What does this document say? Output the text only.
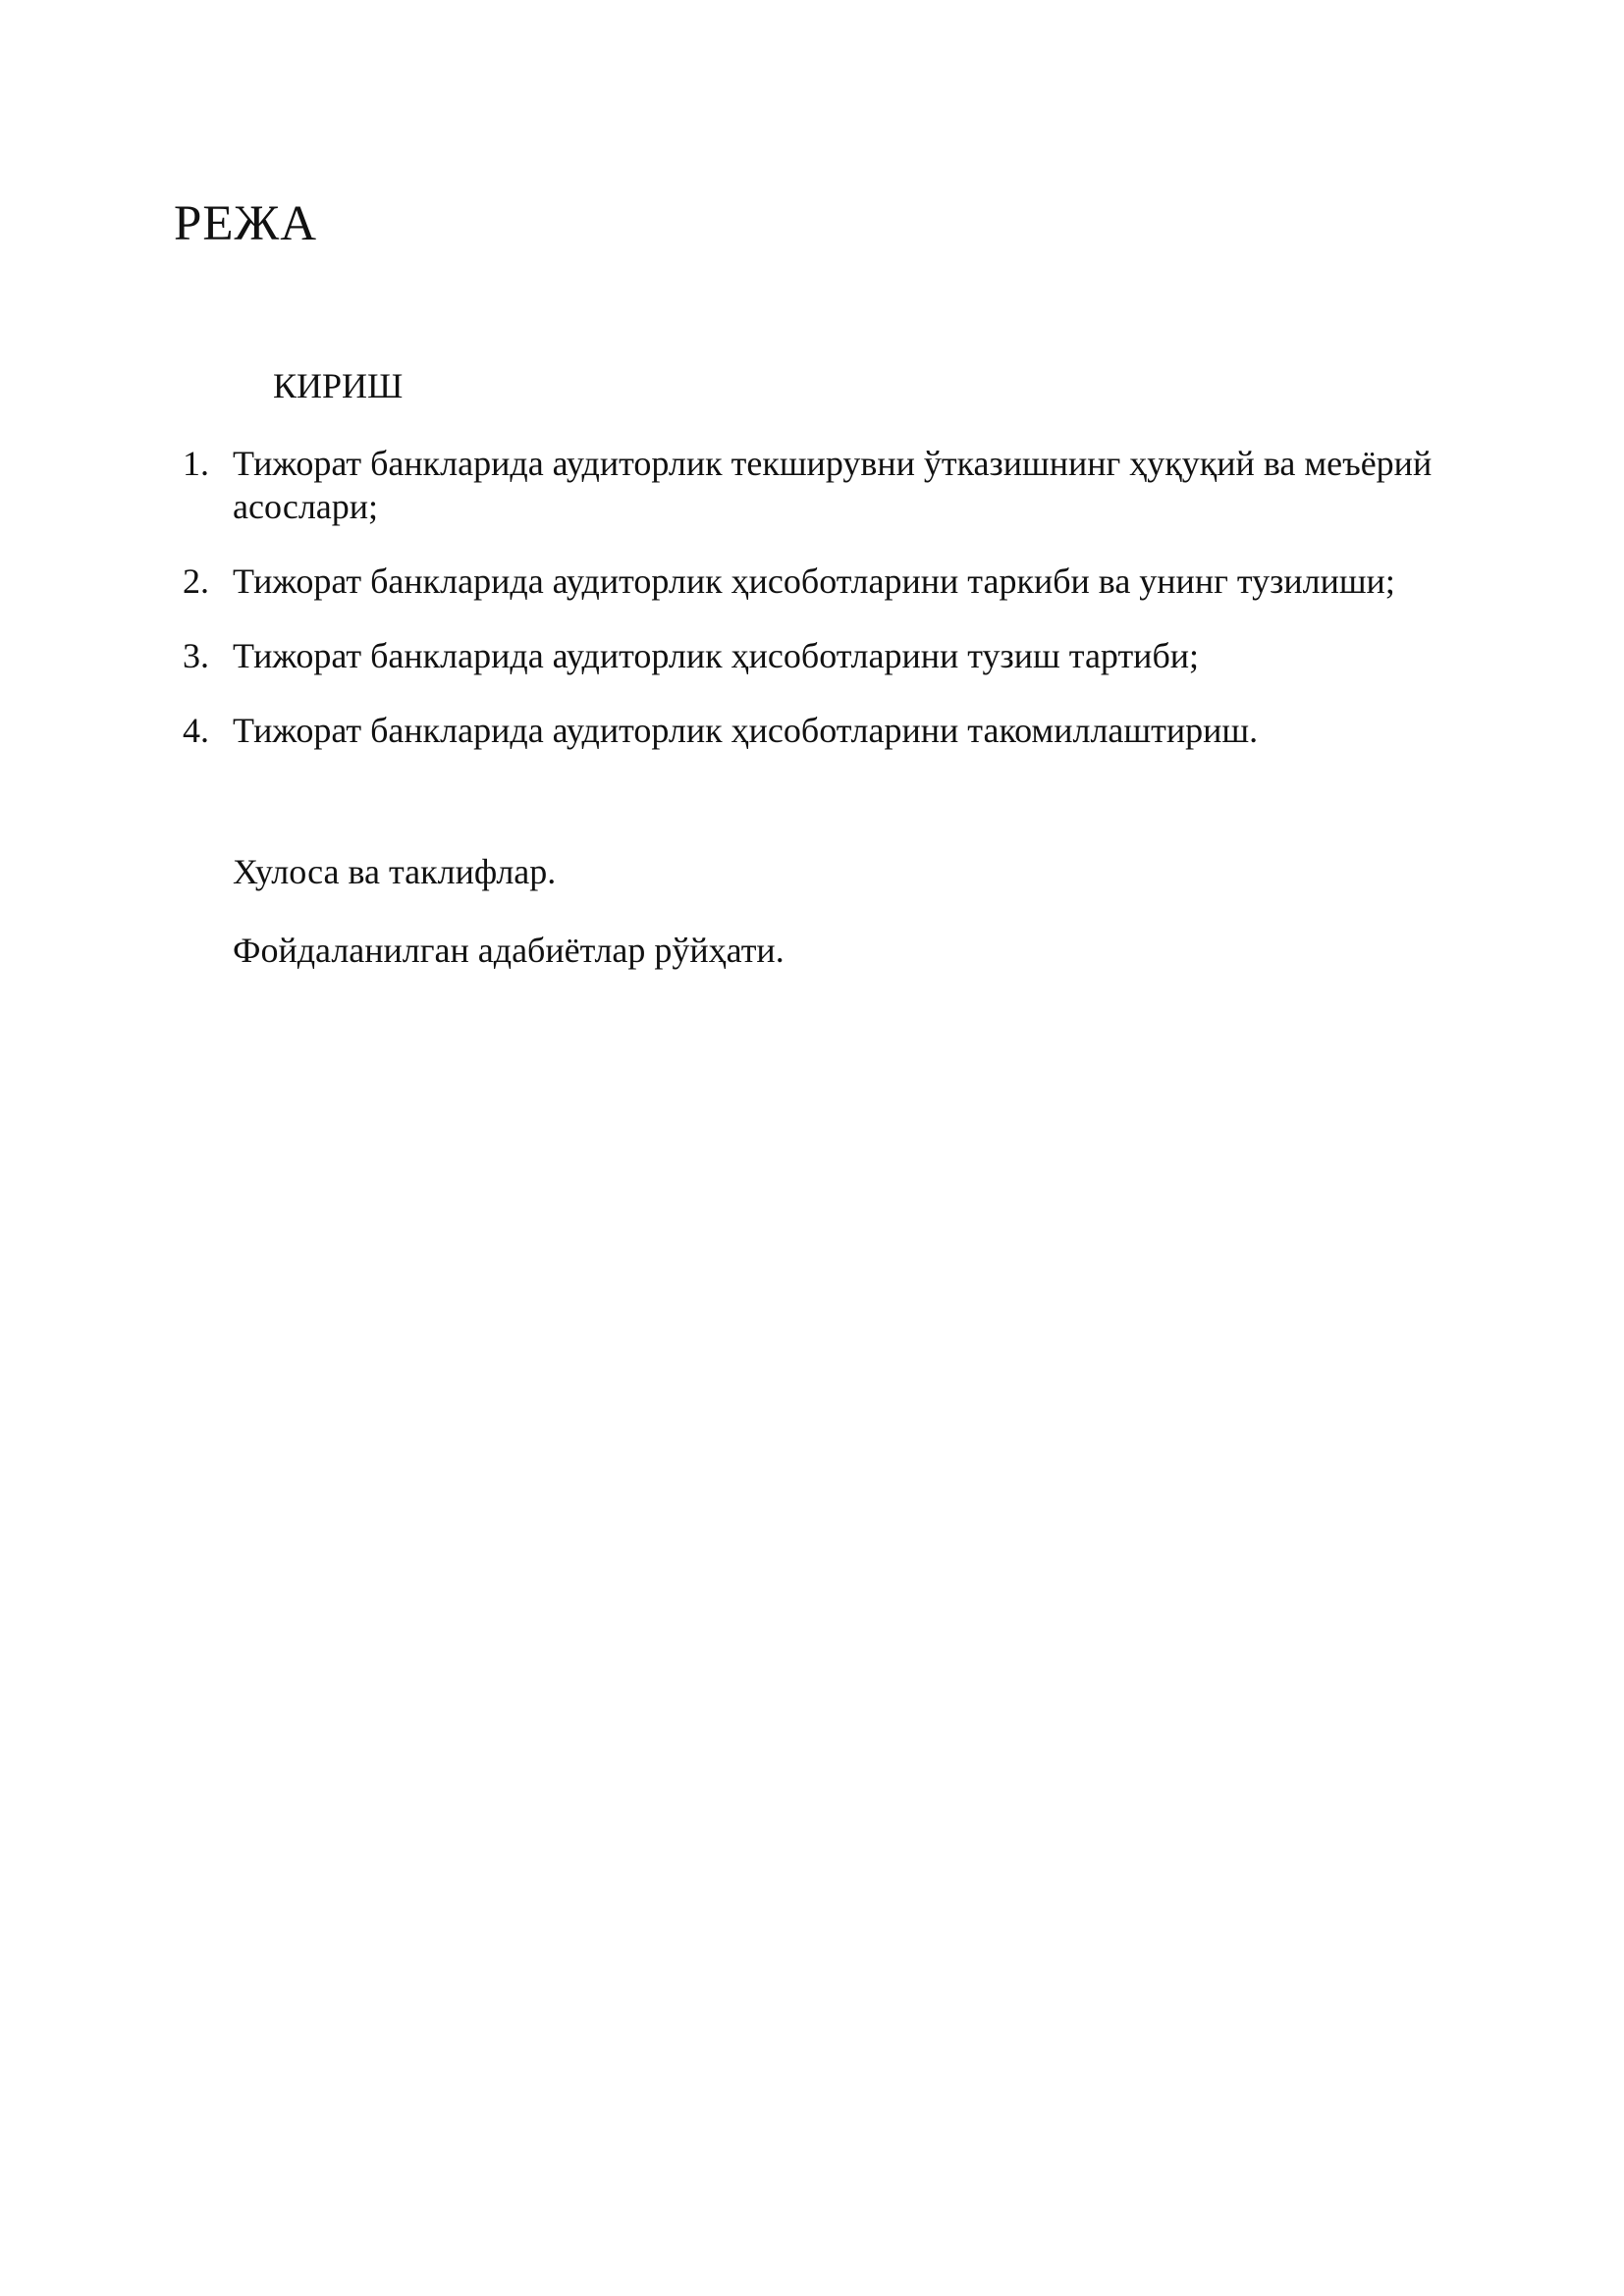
РЕЖА
КИРИШ
1. Тижорат банкларида аудиторлик текширувни ўтказишнинг ҳуқуқий ва меъёрий асослари;
2. Тижорат банкларида аудиторлик ҳисоботларини таркиби ва унинг тузилиши;
3. Тижорат банкларида аудиторлик ҳисоботларини тузиш тартиби;
4. Тижорат банкларида аудиторлик ҳисоботларини такомиллаштириш.
Хулоса ва таклифлар.
Фойдаланилган адабиётлар рўйҳати.
